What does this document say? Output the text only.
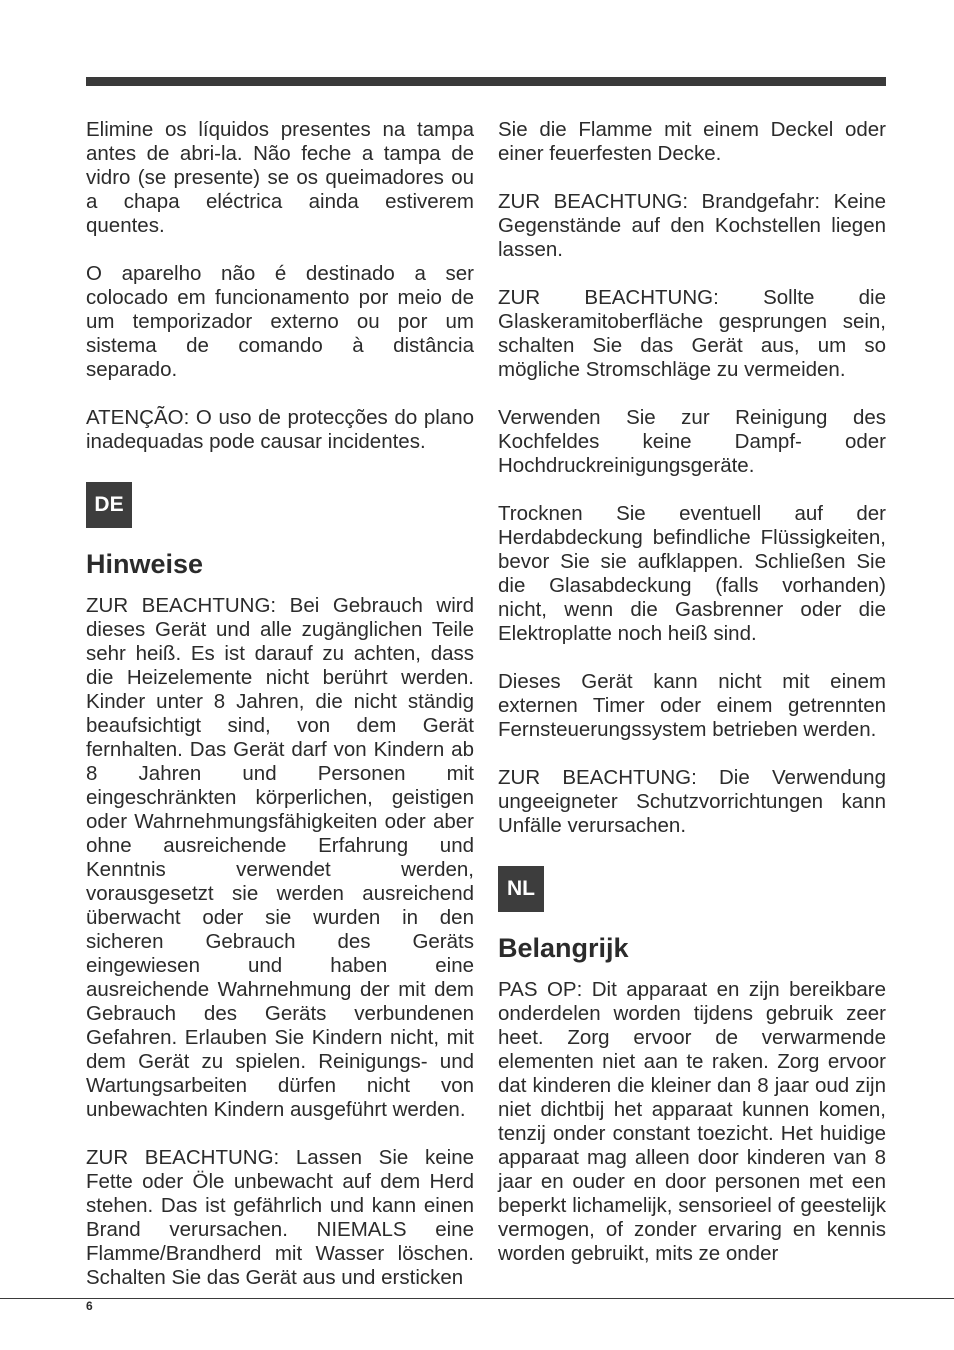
Elimine os líquidos presentes na tampa antes de abri-la. Não feche a tampa de vidro (se presente) se os queimadores ou a chapa eléctrica ainda estiverem quentes.

O aparelho não é destinado a ser colocado em funcionamento por meio de um temporizador externo ou por um sistema de comando à distância separado.

ATENÇÃO: O uso de protecções do plano inadequadas pode causar incidentes.

DE
Hinweise

ZUR BEACHTUNG: Bei Gebrauch wird dieses Gerät und alle zugänglichen Teile sehr heiß. Es ist darauf zu achten, dass die Heizelemente nicht berührt werden. Kinder unter 8 Jahren, die nicht ständig beaufsichtigt sind, von dem Gerät fernhalten. Das Gerät darf von Kindern ab 8 Jahren und Personen mit eingeschränkten körperlichen, geistigen oder Wahrnehmungsfähigkeiten oder aber ohne ausreichende Erfahrung und Kenntnis verwendet werden, vorausgesetzt sie werden ausreichend überwacht oder sie wurden in den sicheren Gebrauch des Geräts eingewiesen und haben eine ausreichende Wahrnehmung der mit dem Gebrauch des Geräts verbundenen Gefahren. Erlauben Sie Kindern nicht, mit dem Gerät zu spielen. Reinigungs- und Wartungsarbeiten dürfen nicht von unbewachten Kindern ausgeführt werden.

ZUR BEACHTUNG: Lassen Sie keine Fette oder Öle unbewacht auf dem Herd stehen. Das ist gefährlich und kann einen Brand verursachen. NIEMALS eine Flamme/Brandherd mit Wasser löschen. Schalten Sie das Gerät aus und ersticken

Sie die Flamme mit einem Deckel oder einer feuerfesten Decke.

ZUR BEACHTUNG: Brandgefahr: Keine Gegenstände auf den Kochstellen liegen lassen.

ZUR BEACHTUNG: Sollte die Glaskeramitoberfläche gesprungen sein, schalten Sie das Gerät aus, um so mögliche Stromschläge zu vermeiden.

Verwenden Sie zur Reinigung des Kochfeldes keine Dampf- oder Hochdruckreinigungsgeräte.

Trocknen Sie eventuell auf der Herdabdeckung befindliche Flüssigkeiten, bevor Sie sie aufklappen. Schließen Sie die Glasabdeckung (falls vorhanden) nicht, wenn die Gasbrenner oder die Elektroplatte noch heiß sind.

Dieses Gerät kann nicht mit einem externen Timer oder einem getrennten Fernsteuerungssystem betrieben werden.

ZUR BEACHTUNG: Die Verwendung ungeeigneter Schutzvorrichtungen kann Unfälle verursachen.

NL
Belangrijk

PAS OP: Dit apparaat en zijn bereikbare onderdelen worden tijdens gebruik zeer heet. Zorg ervoor de verwarmende elementen niet aan te raken. Zorg ervoor dat kinderen die kleiner dan 8 jaar oud zijn niet dichtbij het apparaat kunnen komen, tenzij onder constant toezicht. Het huidige apparaat mag alleen door kinderen van 8 jaar en ouder en door personen met een beperkt lichamelijk, sensorieel of geestelijk vermogen, of zonder ervaring en kennis worden gebruikt, mits ze onder

6
